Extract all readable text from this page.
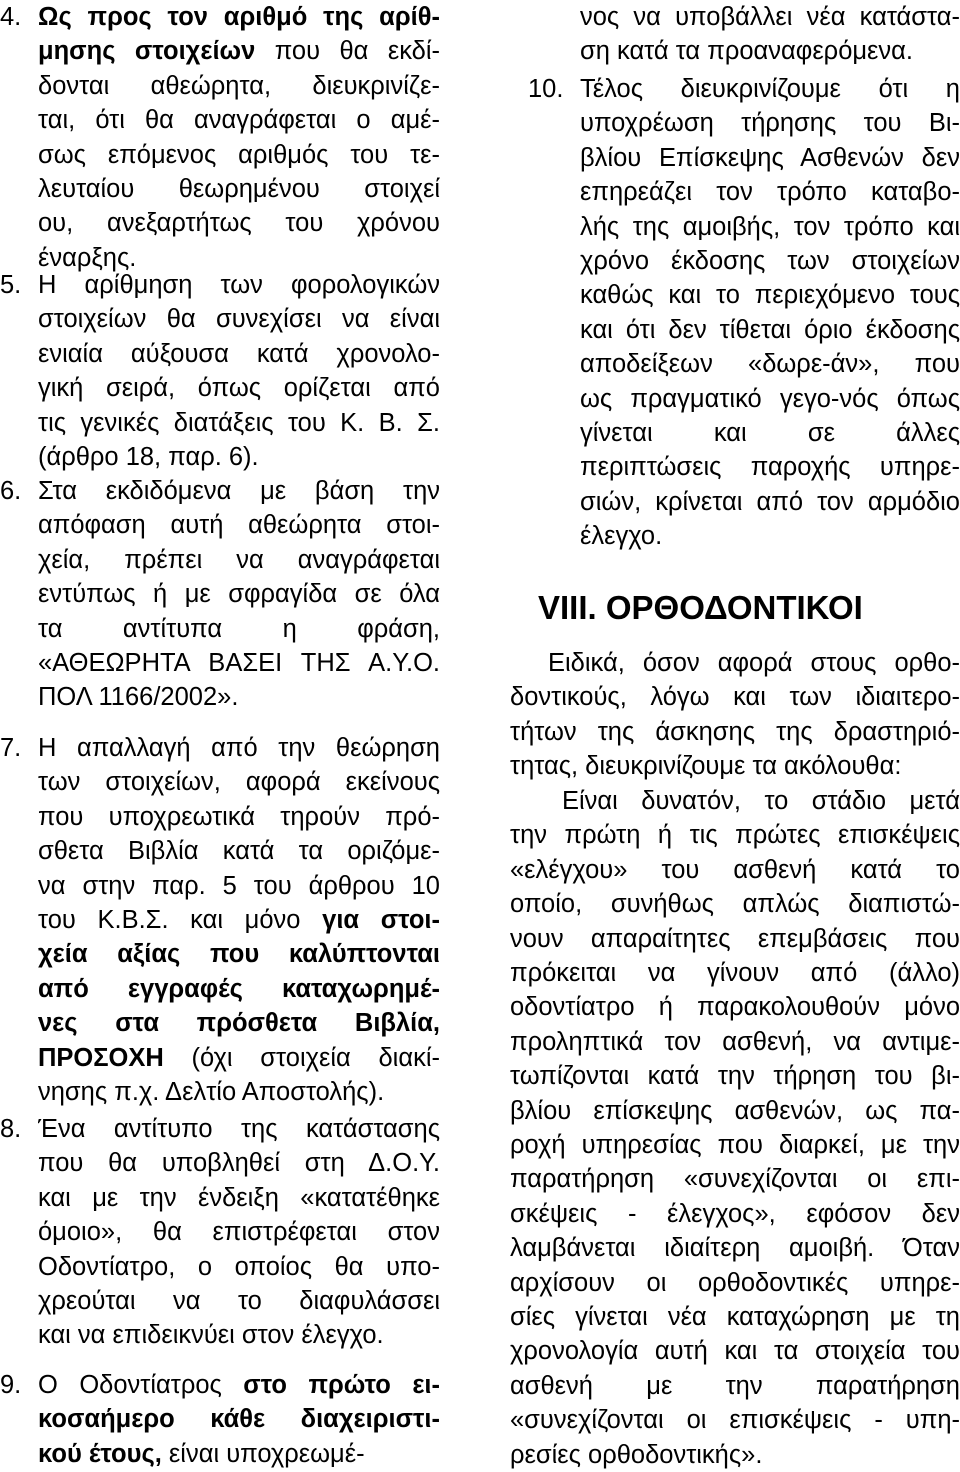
4. Ως προς τον αριθμό της αρίθ-
μησης στοιχείων που θα εκδί-
δονται αθεώρητα, διευκρινίζε-
ται, ότι θα αναγράφεται ο αμέ-
σως επόμενος αριθμός του τε-
λευταίου θεωρημένου στοιχεί
ου, ανεξαρτήτως του χρόνου
έναρξης.
5. Η αρίθμηση των φορολογικών
στοιχείων θα συνεχίσει να είναι
ενιαία αύξουσα κατά χρονολο-
γική σειρά, όπως ορίζεται από
τις γενικές διατάξεις του Κ. Β. Σ.
(άρθρο 18, παρ. 6).
6. Στα εκδιδόμενα με βάση την
απόφαση αυτή αθεώρητα στοι-
χεία, πρέπει να αναγράφεται
εντύπως ή με σφραγίδα σε όλα
τα αντίτυπα η φράση,
«ΑΘΕΩΡΗΤΑ ΒΑΣΕΙ ΤΗΣ Α.Υ.Ο.
ΠΟΛ 1166/2002».
7. Η απαλλαγή από την θεώρηση
των στοιχείων, αφορά εκείνους
που υποχρεωτικά τηρούν πρό-
σθετα Βιβλία κατά τα οριζόμε-
να στην παρ. 5 του άρθρου 10
του Κ.Β.Σ. και μόνο για στοι-
χεία αξίας που καλύπτονται
από εγγραφές καταχωρημέ-
νες στα πρόσθετα Βιβλία,
ΠΡΟΣΟΧΗ (όχι στοιχεία διακί-
νησης π.χ. Δελτίο Αποστολής).
8. Ένα αντίτυπο της κατάστασης
που θα υποβληθεί στη Δ.Ο.Υ.
και με την ένδειξη «κατατέθηκε
όμοιο», θα επιστρέφεται στον
Οδοντίατρο, ο οποίος θα υπο-
χρεούται να το διαφυλάσσει
και να επιδεικνύει στον έλεγχο.
9. Ο Οδοντίατρος στο πρώτο ει-
κοσαήμερο κάθε διαχειριστι-
κού έτους, είναι υποχρεωμέ-
νος να υποβάλλει νέα κατάστα-
ση κατά τα προαναφερόμενα.
10. Τέλος διευκρινίζουμε ότι η
υποχρέωση τήρησης του Βι-
βλίου Επίσκεψης Ασθενών δεν
επηρεάζει τον τρόπο καταβο-
λής της αμοιβής, τον τρόπο και
χρόνο έκδοσης των στοιχείων
καθώς και το περιεχόμενο τους
και ότι δεν τίθεται όριο έκδοσης
αποδείξεων «δωρε-άν», που
ως πραγματικό γεγο-νός όπως
γίνεται και σε άλλες
περιπτώσεις παροχής υπηρε-
σιών, κρίνεται από τον αρμόδιο
έλεγχο.
VIII. ΟΡΘΟΔΟΝΤΙΚΟΙ
Ειδικά, όσον αφορά στους ορθο-
δοντικούς, λόγω και των ιδιαιτερο-
τήτων της άσκησης της δραστηριό-
τητας, διευκρινίζουμε τα ακόλουθα:
Είναι δυνατόν, το στάδιο μετά
την πρώτη ή τις πρώτες επισκέψεις
«ελέγχου» του ασθενή κατά το
οποίο, συνήθως απλώς διαπιστώ-
νουν απαραίτητες επεμβάσεις που
πρόκειται να γίνουν από (άλλο)
οδοντίατρο ή παρακολουθούν μόνο
προληπτικά τον ασθενή, να αντιμε-
τωπίζονται κατά την τήρηση του βι-
βλίου επίσκεψης ασθενών, ως πα-
ροχή υπηρεσίας που διαρκεί, με την
παρατήρηση «συνεχίζονται οι επι-
σκέψεις - έλεγχος», εφόσον δεν
λαμβάνεται ιδιαίτερη αμοιβή. Όταν
αρχίσουν οι ορθοδοντικές υπηρε-
σίες γίνεται νέα καταχώρηση με τη
χρονολογία αυτή και τα στοιχεία του
ασθενή με την παρατήρηση
«συνεχίζονται οι επισκέψεις - υπη-
ρεσίες ορθοδοντικής».
